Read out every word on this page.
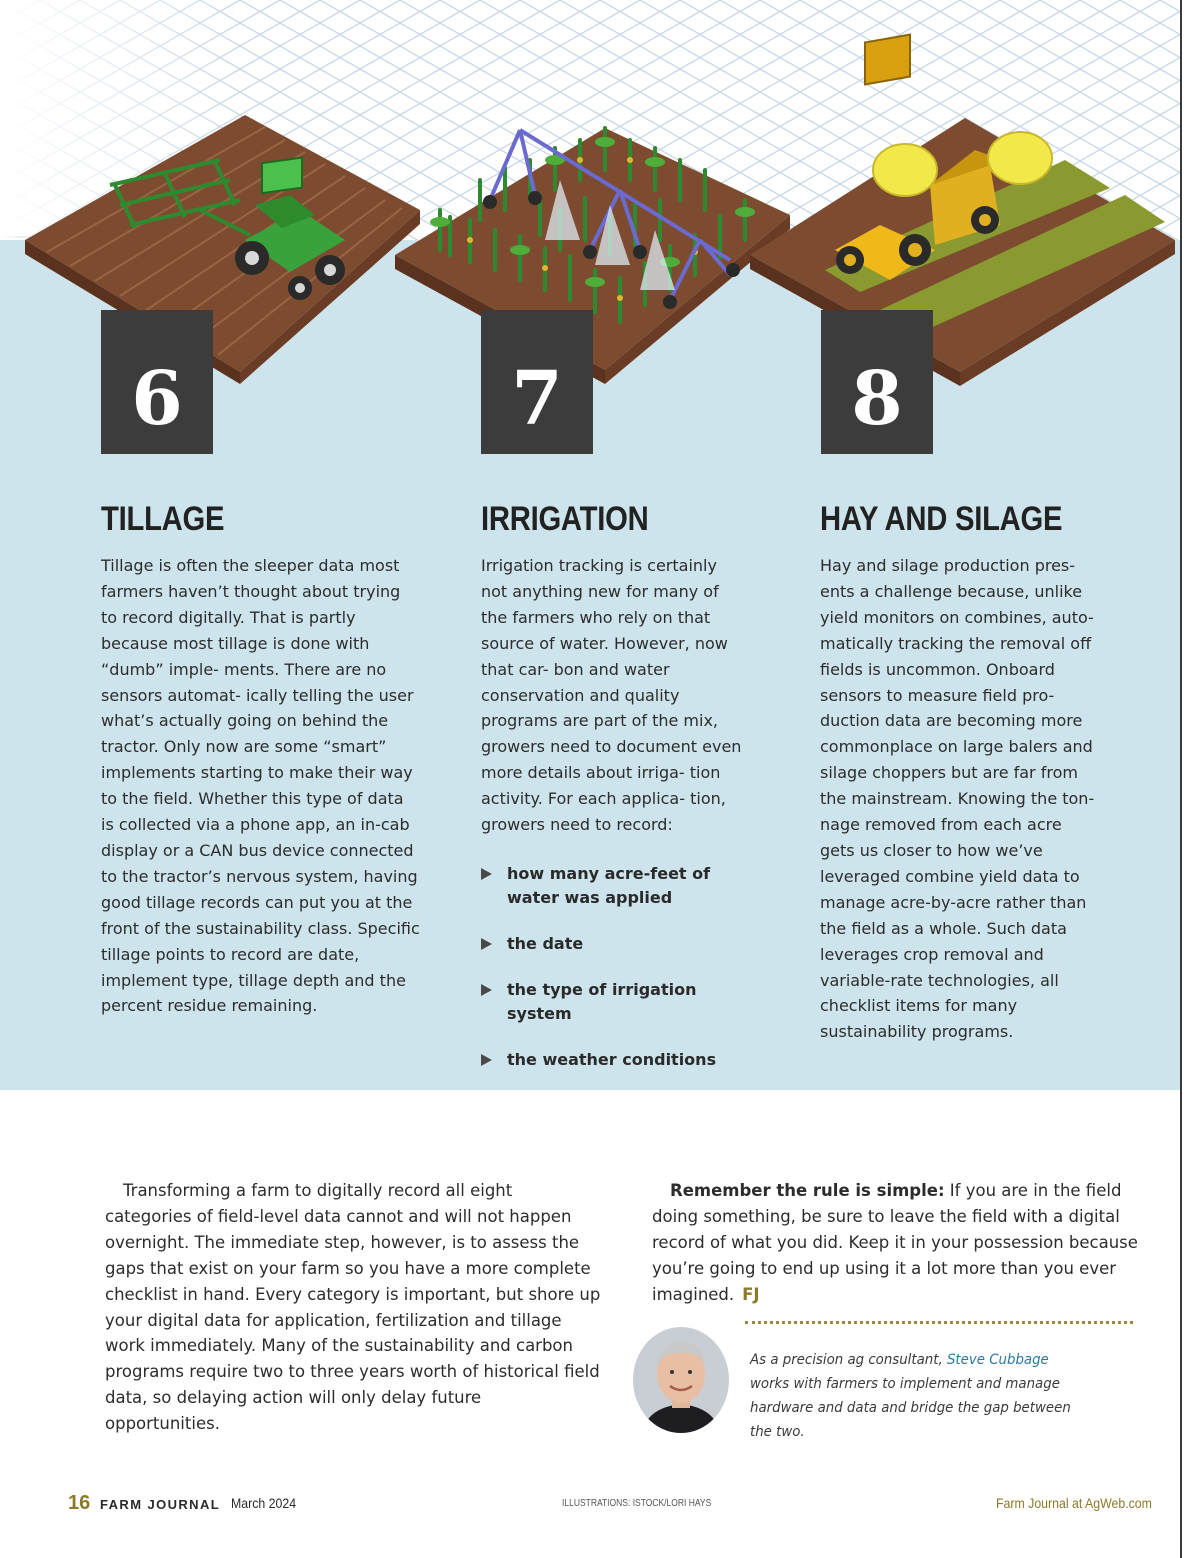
6	7	8
TILLAGE

Tillage is often the sleeper data most farmers haven’t thought about trying to record digitally. That is partly because most tillage is done with “dumb” imple- ments. There are no sensors automat- ically telling the user what’s actually going on behind the tractor. Only now are some “smart” implements starting to make their way to the field. Whether this type of data is collected via a phone app, an in-cab display or a CAN bus device connected to the tractor’s nervous system, having good tillage records can put you at the front of the sustainability class. Specific tillage points to record are date, implement type, tillage depth and the percent residue remaining.

IRRIGATION

Irrigation tracking is certainly not anything new for many of the farmers who rely on that source of water. However, now that car- bon and water conservation and quality programs are part of the mix, growers need to document even more details about irriga- tion activity. For each applica- tion, growers need to record:

how many acre-feet of water was applied
the date
the type of irrigation system
the weather conditions
HAY AND SILAGE

Hay and silage production pres- ents a challenge because, unlike yield monitors on combines, auto- matically tracking the removal off fields is uncommon. Onboard sensors to measure field pro- duction data are becoming more commonplace on large balers and silage choppers but are far from the mainstream. Knowing the ton- nage removed from each acre gets us closer to how we’ve leveraged combine yield data to manage acre-by-acre rather than the field as a whole. Such data leverages crop removal and variable-rate technologies, all checklist items for many sustainability programs.

Transforming a farm to digitally record all eight categories of field-level data cannot and will not happen overnight. The immediate step, however, is to assess the gaps that exist on your farm so you have a more complete checklist in hand. Every category is important, but shore up your digital data for application, fertilization and tillage work immediately. Many of the sustainability and carbon programs require two to three years worth of historical field data, so delaying action will only delay future opportunities.

Remember the rule is simple: If you are in the field doing something, be sure to leave the field with a digital record of what you did. Keep it in your possession because you’re going to end up using it a lot more than you ever imagined. FJ

As a precision ag consultant, Steve Cubbage works with farmers to implement and manage hardware and data and bridge the gap between the two.
16 FARM JOURNAL March 2024	ILLUSTRATIONS: ISTOCK/LORI HAYS	Farm Journal at AgWeb.com
